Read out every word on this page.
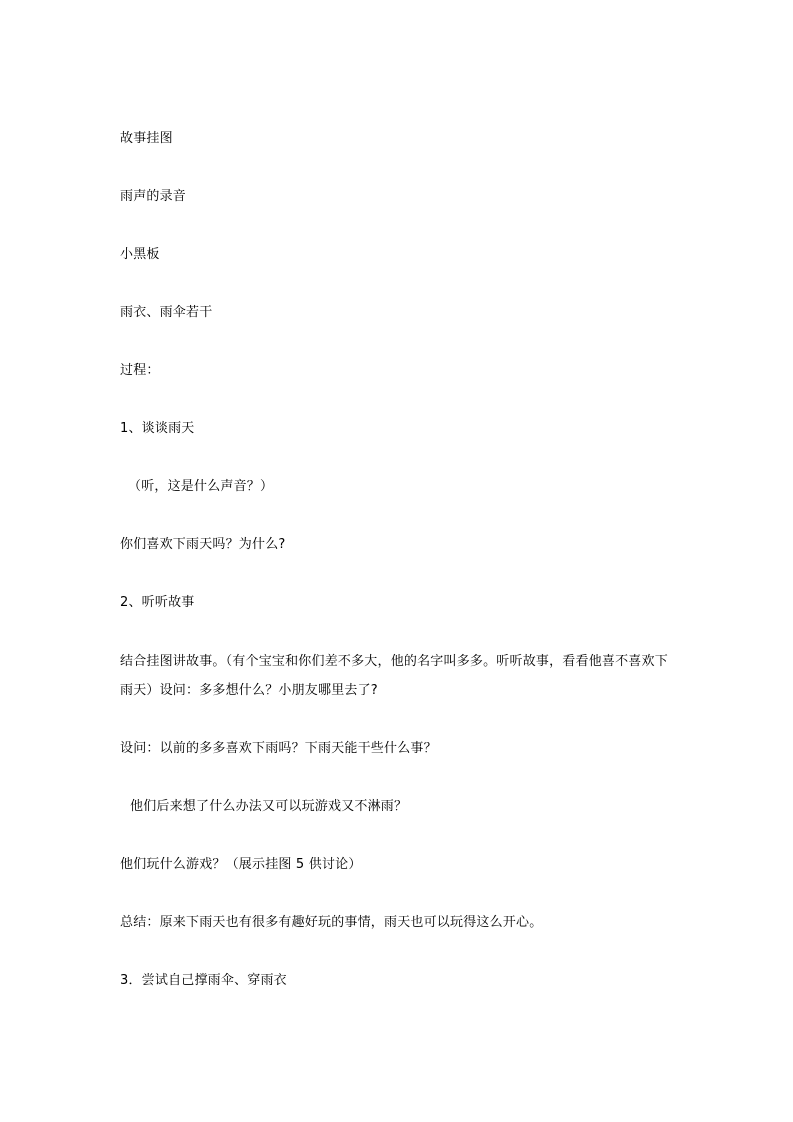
故事挂图
雨声的录音
小黑板
雨衣、雨伞若干
过程：
1、谈谈雨天
（听，这是什么声音？）
你们喜欢下雨天吗？为什么?
2、听听故事
结合挂图讲故事。（有个宝宝和你们差不多大，他的名字叫多多。听听故事，看看他喜不喜欢下
雨天）设问：多多想什么？小朋友哪里去了?
设问：以前的多多喜欢下雨吗？下雨天能干些什么事？
他们后来想了什么办法又可以玩游戏又不淋雨？
他们玩什么游戏？（展示挂图 5 供讨论）
总结：原来下雨天也有很多有趣好玩的事情，雨天也可以玩得这么开心。
3．尝试自己撑雨伞、穿雨衣
